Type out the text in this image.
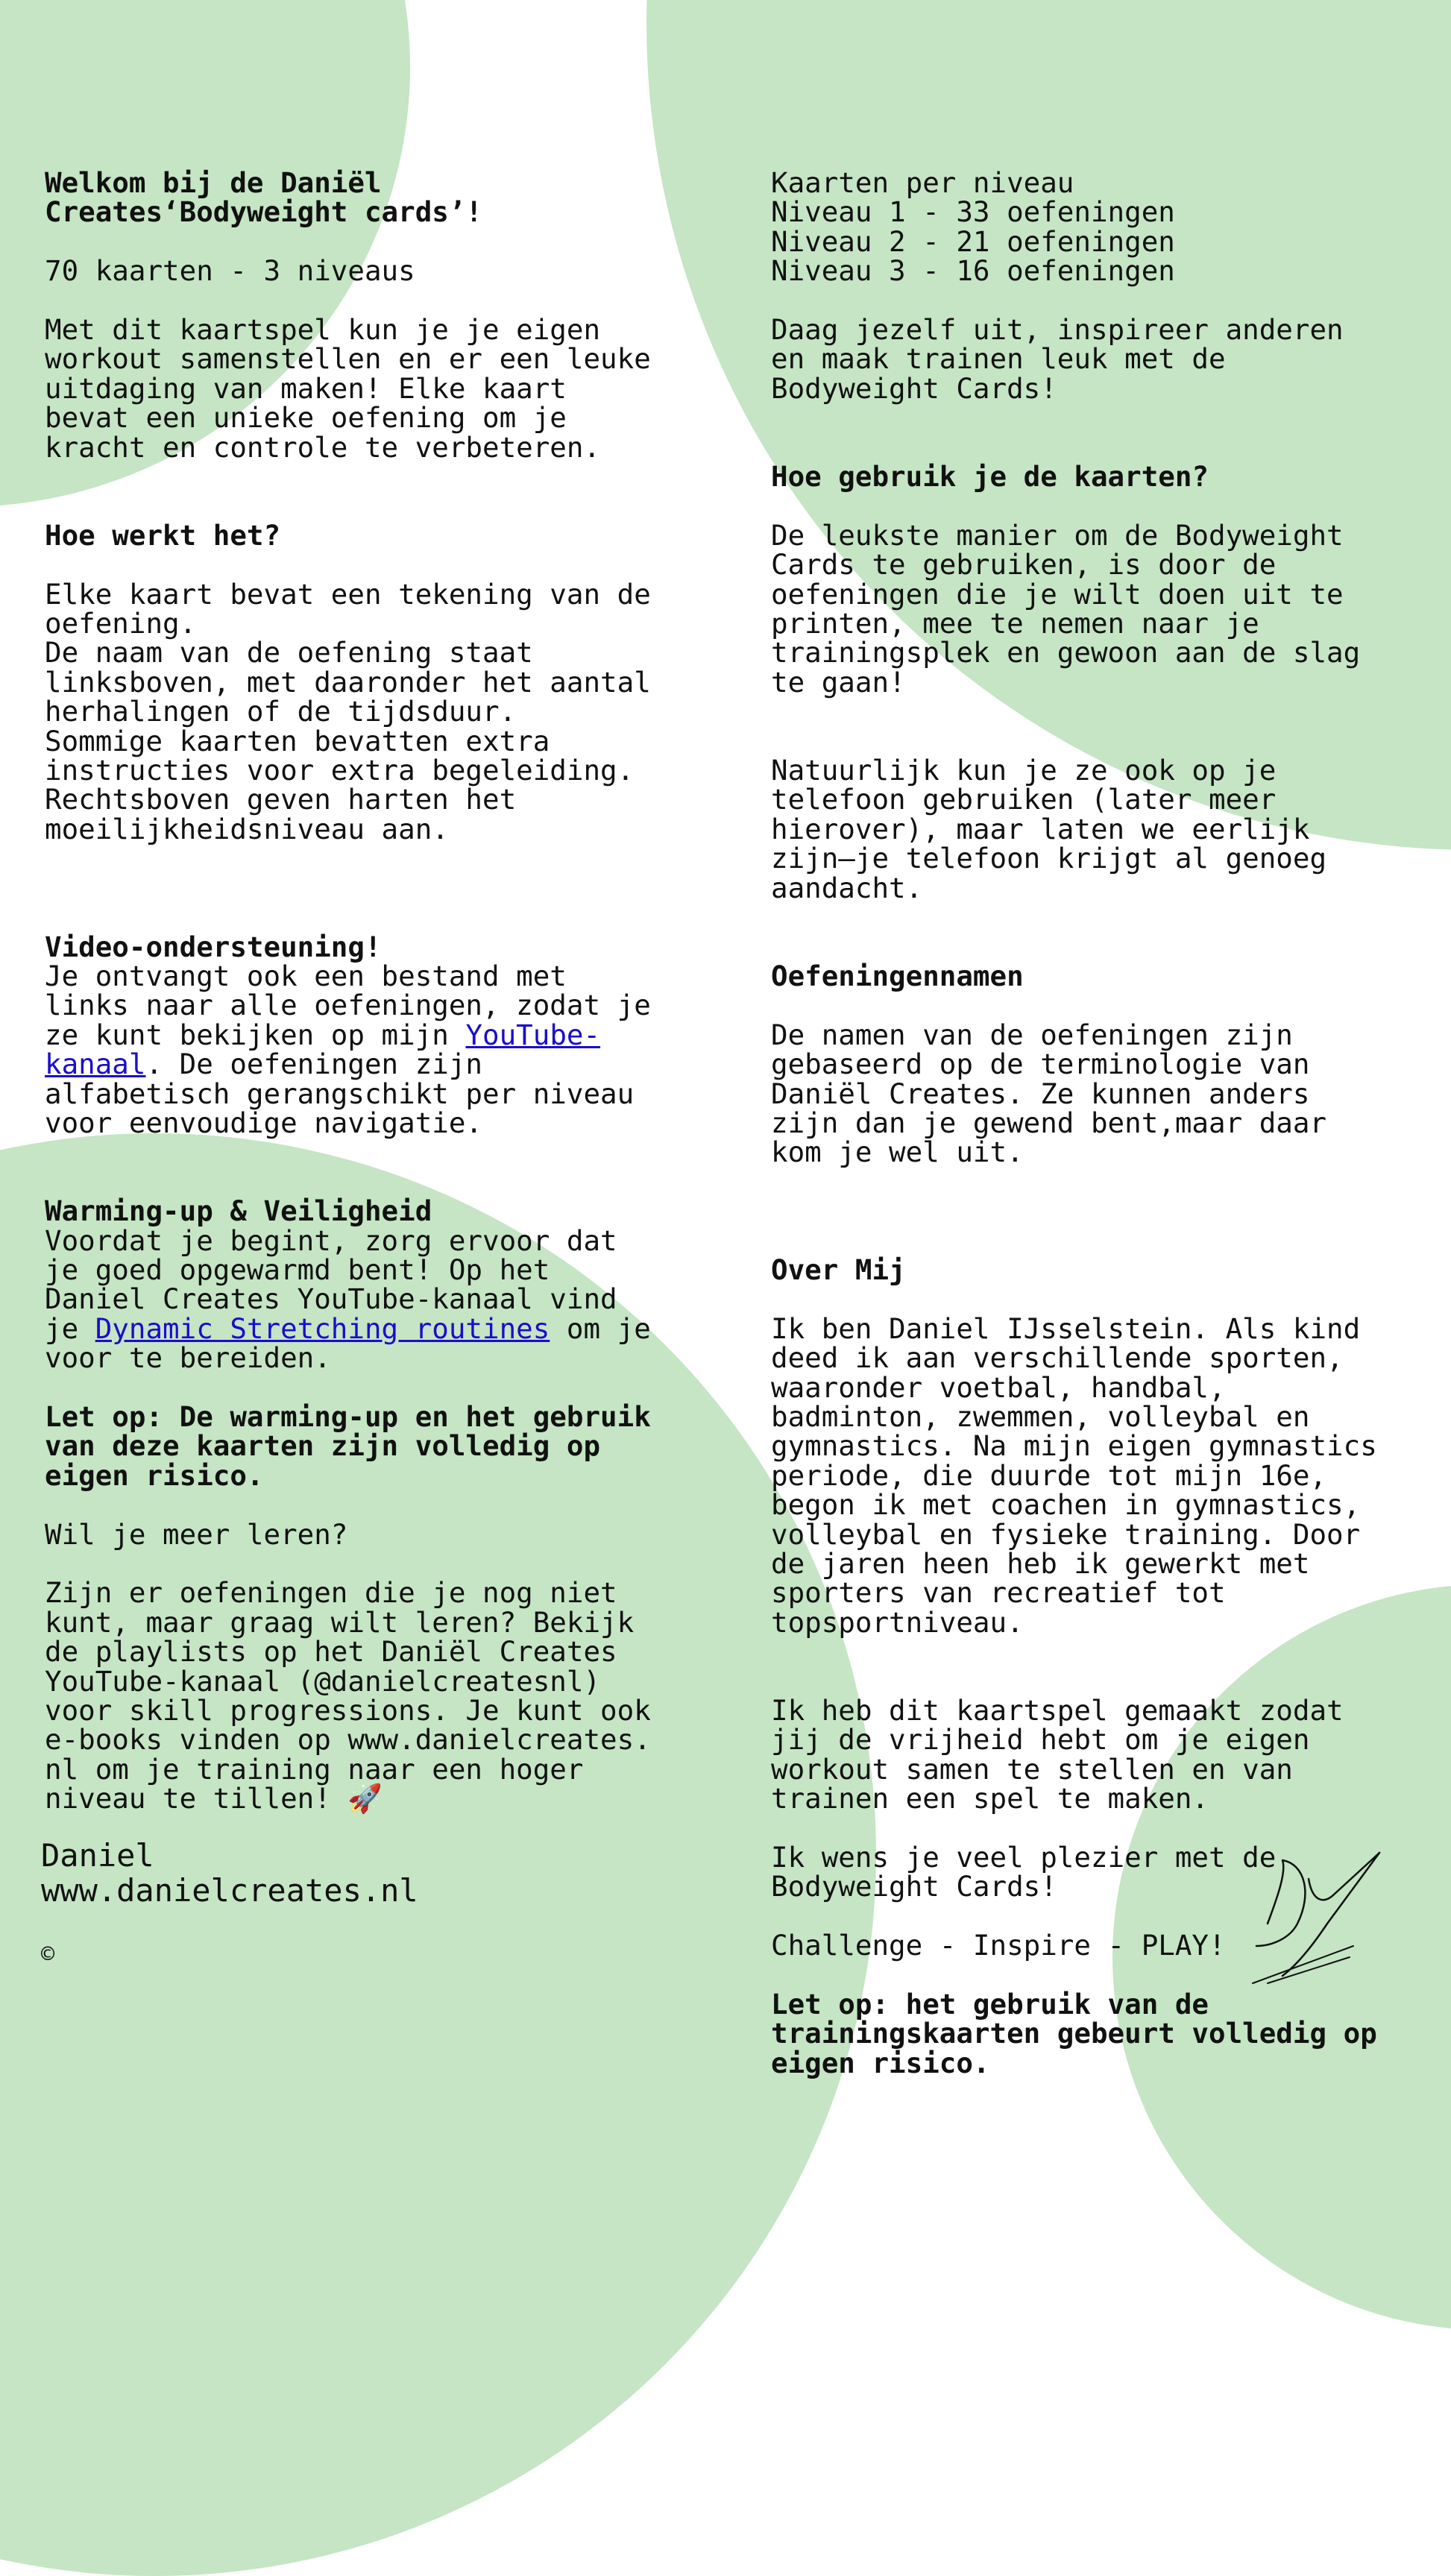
Welkom bij de Daniël
Creates‘Bodyweight cards’!

70 kaarten - 3 niveaus

Met dit kaartspel kun je je eigen
workout samenstellen en er een leuke
uitdaging van maken! Elke kaart
bevat een unieke oefening om je
kracht en controle te verbeteren.

Hoe werkt het?

Elke kaart bevat een tekening van de
oefening.
De naam van de oefening staat
linksboven, met daaronder het aantal
herhalingen of de tijdsduur.
Sommige kaarten bevatten extra
instructies voor extra begeleiding.
Rechtsboven geven harten het
moeilijkheidsniveau aan.

Video-ondersteuning!
Je ontvangt ook een bestand met
links naar alle oefeningen, zodat je
ze kunt bekijken op mijn YouTube-
kanaal. De oefeningen zijn
alfabetisch gerangschikt per niveau
voor eenvoudige navigatie.

Warming-up & Veiligheid
Voordat je begint, zorg ervoor dat
je goed opgewarmd bent! Op het
Daniel Creates YouTube-kanaal vind
je Dynamic Stretching routines om je
voor te bereiden.

Let op: De warming-up en het gebruik
van deze kaarten zijn volledig op
eigen risico.

Wil je meer leren?

Zijn er oefeningen die je nog niet
kunt, maar graag wilt leren? Bekijk
de playlists op het Daniël Creates
YouTube-kanaal (@danielcreatesnl)
voor skill progressions. Je kunt ook
e-books vinden op www.danielcreates.
nl om je training naar een hoger
niveau te tillen! 🚀

Kaarten per niveau
Niveau 1 - 33 oefeningen
Niveau 2 - 21 oefeningen
Niveau 3 - 16 oefeningen

Daag jezelf uit, inspireer anderen
en maak trainen leuk met de
Bodyweight Cards!

Hoe gebruik je de kaarten?

De leukste manier om de Bodyweight
Cards te gebruiken, is door de
oefeningen die je wilt doen uit te
printen, mee te nemen naar je
trainingsplek en gewoon aan de slag
te gaan!

Natuurlijk kun je ze ook op je
telefoon gebruiken (later meer
hierover), maar laten we eerlijk
zijn—je telefoon krijgt al genoeg
aandacht.

Oefeningennamen

De namen van de oefeningen zijn
gebaseerd op de terminologie van
Daniël Creates. Ze kunnen anders
zijn dan je gewend bent,maar daar
kom je wel uit.

Over Mij

Ik ben Daniel IJsselstein. Als kind
deed ik aan verschillende sporten,
waaronder voetbal, handbal,
badminton, zwemmen, volleybal en
gymnastics. Na mijn eigen gymnastics
periode, die duurde tot mijn 16e,
begon ik met coachen in gymnastics,
volleybal en fysieke training. Door
de jaren heen heb ik gewerkt met
sporters van recreatief tot
topsportniveau.

Ik heb dit kaartspel gemaakt zodat
jij de vrijheid hebt om je eigen
workout samen te stellen en van
trainen een spel te maken.

Ik wens je veel plezier met de
Bodyweight Cards!

Challenge - Inspire - PLAY!

Let op: het gebruik van de
trainingskaarten gebeurt volledig op
eigen risico.

Daniel
www.danielcreates.nl
©
